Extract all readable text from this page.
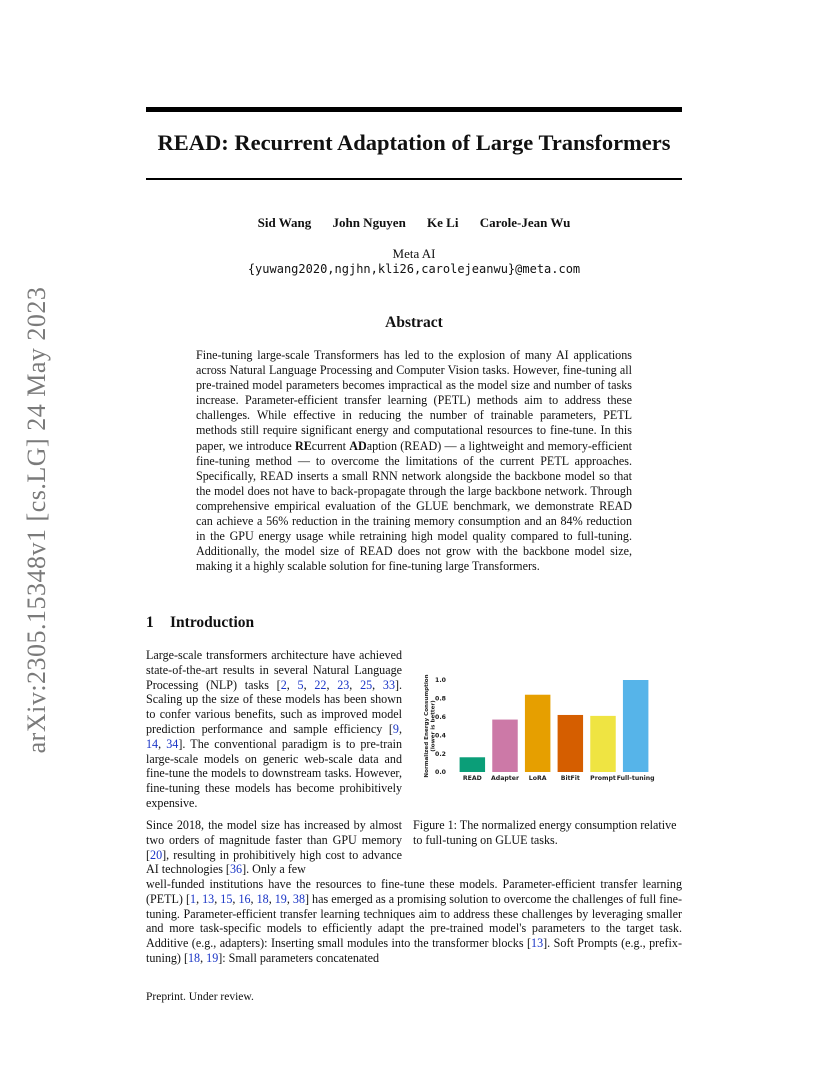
arXiv:2305.15348v1 [cs.LG] 24 May 2023
READ: Recurrent Adaptation of Large Transformers
Sid Wang John Nguyen Ke Li Carole-Jean Wu
Meta AI
{yuwang2020,ngjhn,kli26,carolejeanwu}@meta.com
Abstract

Fine-tuning large-scale Transformers has led to the explosion of many AI applications across Natural Language Processing and Computer Vision tasks. However, fine-tuning all pre-trained model parameters becomes impractical as the model size and number of tasks increase. Parameter-efficient transfer learning (PETL) methods aim to address these challenges. While effective in reducing the number of trainable parameters, PETL methods still require significant energy and computational resources to fine-tune. In this paper, we introduce REcurrent ADaption (READ) — a lightweight and memory-efficient fine-tuning method — to overcome the limitations of the current PETL approaches. Specifically, READ inserts a small RNN network alongside the backbone model so that the model does not have to back-propagate through the large backbone network. Through comprehensive empirical evaluation of the GLUE benchmark, we demonstrate READ can achieve a 56% reduction in the training memory consumption and an 84% reduction in the GPU energy usage while retraining high model quality compared to full-tuning. Additionally, the model size of READ does not grow with the backbone model size, making it a highly scalable solution for fine-tuning large Transformers.

1 Introduction

Large-scale transformers architecture have achieved state-of-the-art results in several Natural Language Processing (NLP) tasks [2, 5, 22, 23, 25, 33]. Scaling up the size of these models has been shown to confer various benefits, such as improved model prediction performance and sample efficiency [9, 14, 34]. The conventional paradigm is to pre-train large-scale models on generic web-scale data and fine-tune the models to downstream tasks. However, fine-tuning these models has become prohibitively expensive.

Since 2018, the model size has increased by almost two orders of magnitude faster than GPU memory [20], resulting in prohibitively high cost to advance AI technologies [36]. Only a few

well-funded institutions have the resources to fine-tune these models. Parameter-efficient transfer learning (PETL) [1, 13, 15, 16, 18, 19, 38] has emerged as a promising solution to overcome the challenges of full fine-tuning. Parameter-efficient transfer learning techniques aim to address these challenges by leveraging smaller and more task-specific models to efficiently adapt the pre-trained model's parameters to the target task. Additive (e.g., adapters): Inserting small modules into the transformer blocks [13]. Soft Prompts (e.g., prefix-tuning) [18, 19]: Small parameters concatenated

Normalized Energy Consumption(lower is better)
0.0
0.2
0.4
0.6
0.8
1.0
READ Adapter LoRA BitFit Prompt Full-tuning

Figure 1: The normalized energy consumption relative to full-tuning on GLUE tasks.

Preprint. Under review.
